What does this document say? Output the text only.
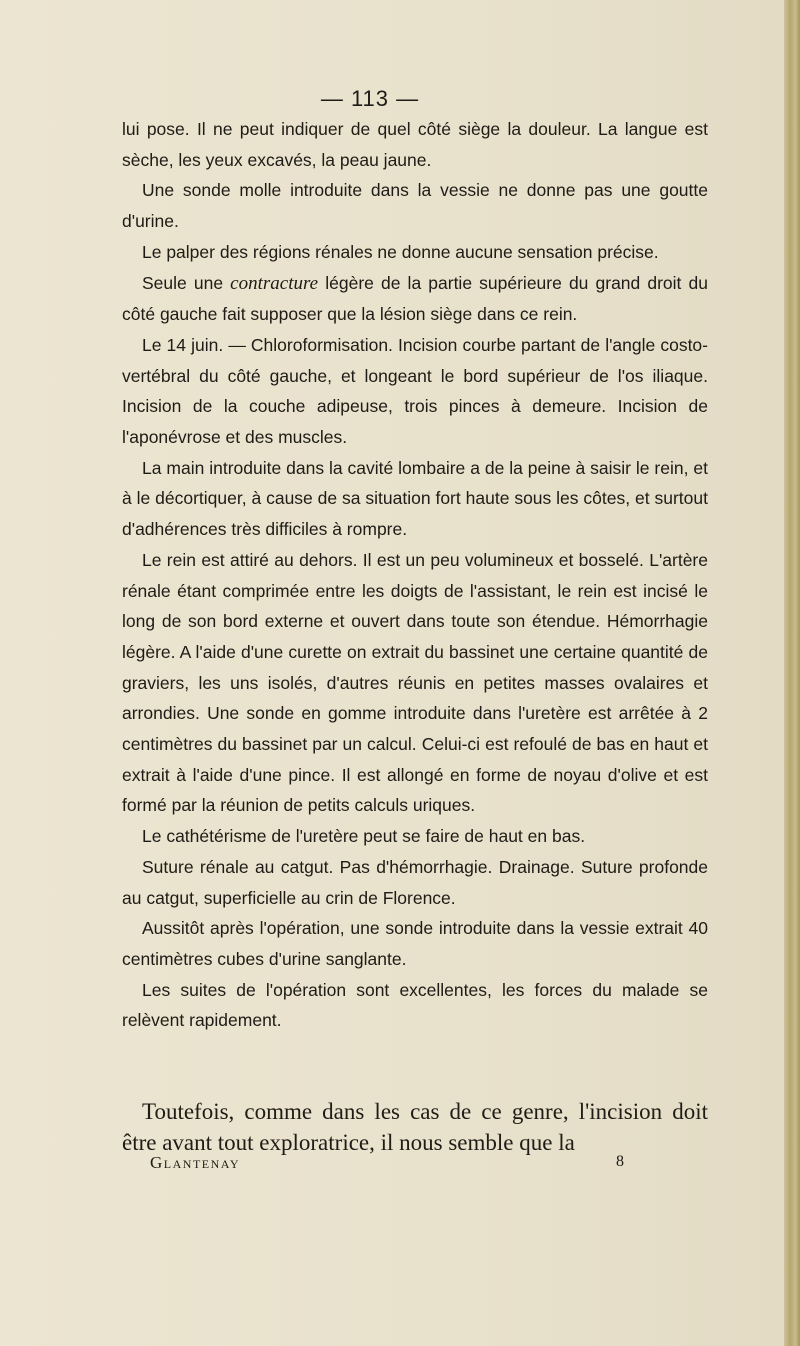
— 113 —

lui pose. Il ne peut indiquer de quel côté siège la douleur. La langue est sèche, les yeux excavés, la peau jaune.

Une sonde molle introduite dans la vessie ne donne pas une goutte d'urine.

Le palper des régions rénales ne donne aucune sensation précise.

Seule une contracture légère de la partie supérieure du grand droit du côté gauche fait supposer que la lésion siège dans ce rein.

Le 14 juin. — Chloroformisation. Incision courbe partant de l'angle costo-vertébral du côté gauche, et longeant le bord supérieur de l'os iliaque. Incision de la couche adipeuse, trois pinces à demeure. Incision de l'aponévrose et des muscles.

La main introduite dans la cavité lombaire a de la peine à saisir le rein, et à le décortiquer, à cause de sa situation fort haute sous les côtes, et surtout d'adhérences très difficiles à rompre.

Le rein est attiré au dehors. Il est un peu volumineux et bosselé. L'artère rénale étant comprimée entre les doigts de l'assistant, le rein est incisé le long de son bord externe et ouvert dans toute son étendue. Hémorrhagie légère. A l'aide d'une curette on extrait du bassinet une certaine quantité de graviers, les uns isolés, d'autres réunis en petites masses ovalaires et arrondies. Une sonde en gomme introduite dans l'uretère est arrêtée à 2 centimètres du bassinet par un calcul. Celui-ci est refoulé de bas en haut et extrait à l'aide d'une pince. Il est allongé en forme de noyau d'olive et est formé par la réunion de petits calculs uriques.

Le cathétérisme de l'uretère peut se faire de haut en bas.

Suture rénale au catgut. Pas d'hémorrhagie. Drainage. Suture profonde au catgut, superficielle au crin de Florence.

Aussitôt après l'opération, une sonde introduite dans la vessie extrait 40 centimètres cubes d'urine sanglante.

Les suites de l'opération sont excellentes, les forces du malade se relèvent rapidement.

Toutefois, comme dans les cas de ce genre, l'incision doit être avant tout exploratrice, il nous semble que la

Glantenay	8
